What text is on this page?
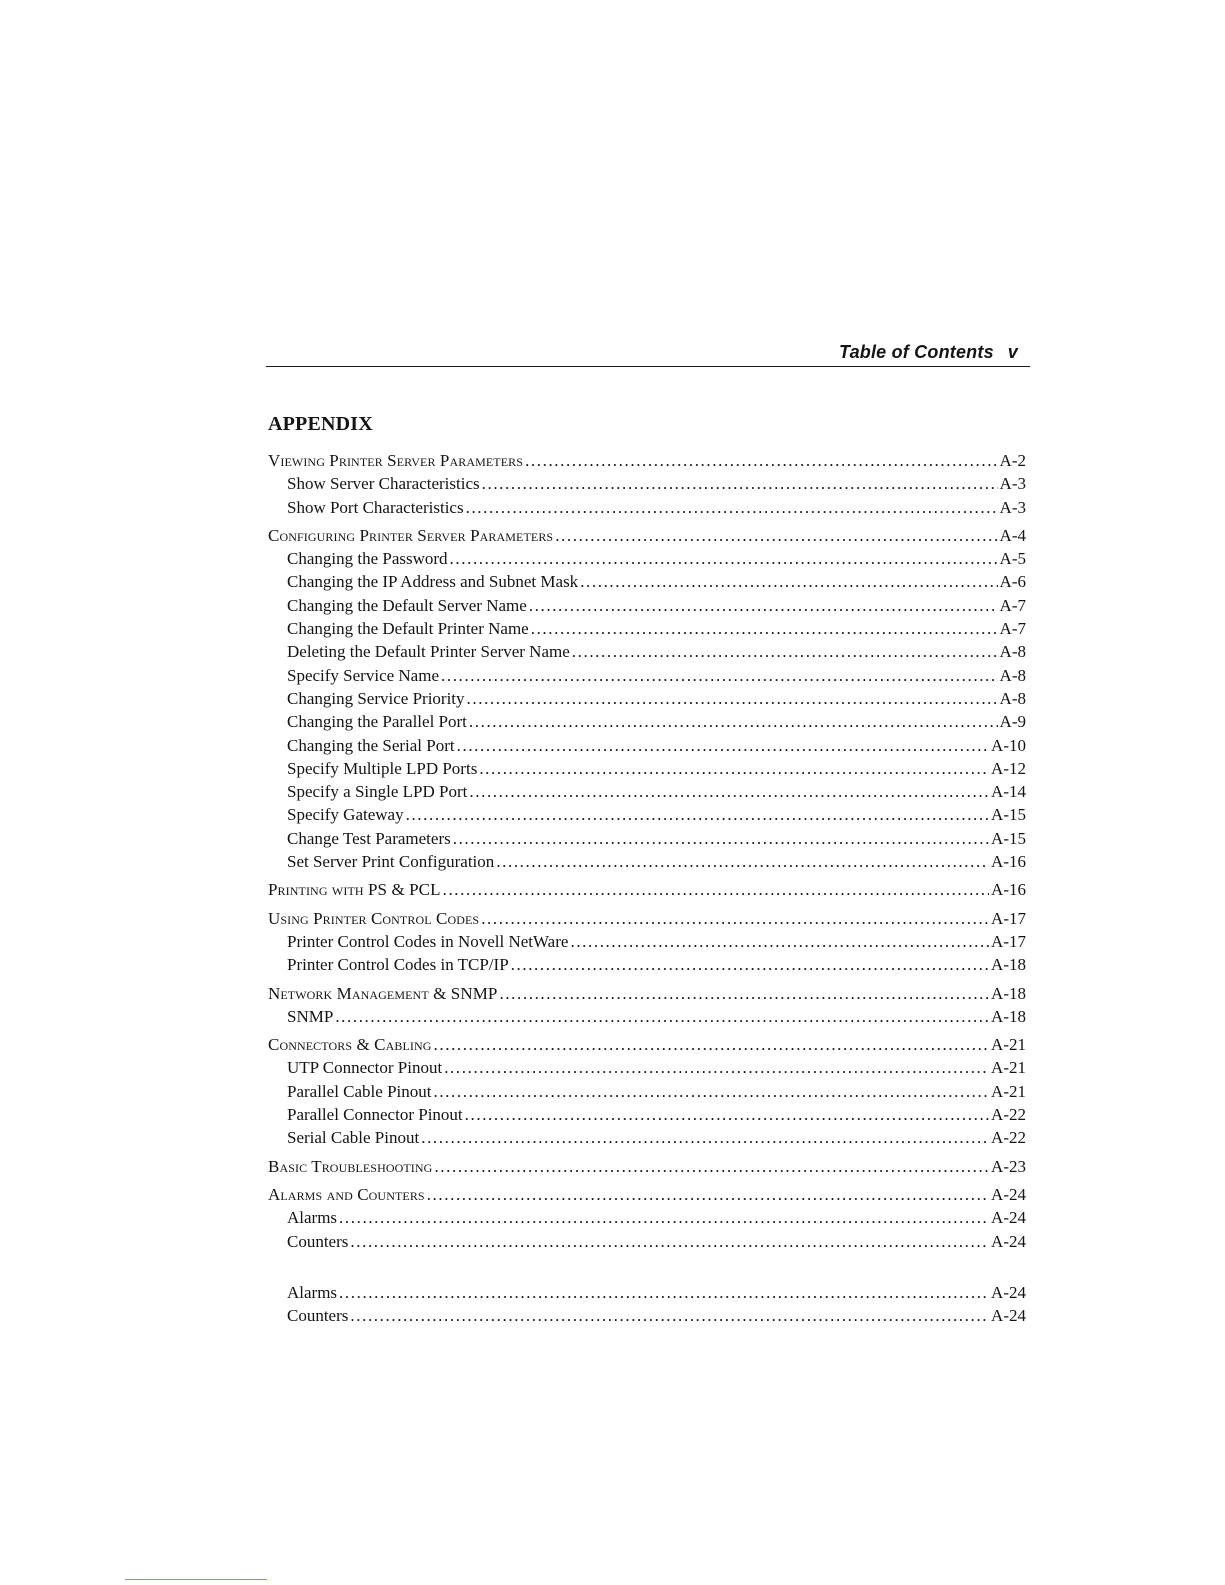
Table of Contents v
APPENDIX
Viewing Printer Server Parameters .....	A-2
Show Server Characteristics .....	A-3
Show Port Characteristics .....	A-3
Configuring Printer Server Parameters .....	A-4
Changing the Password .....	A-5
Changing the IP Address and Subnet Mask .....	A-6
Changing the Default Server Name .....	A-7
Changing the Default Printer Name .....	A-7
Deleting the Default Printer Server Name .....	A-8
Specify Service Name .....	A-8
Changing Service Priority .....	A-8
Changing the Parallel Port .....	A-9
Changing the Serial Port .....	A-10
Specify Multiple LPD Ports .....	A-12
Specify a Single LPD Port .....	A-14
Specify Gateway .....	A-15
Change Test Parameters .....	A-15
Set Server Print Configuration .....	A-16
Printing with PS & PCL .....	A-16
Using Printer Control Codes .....	A-17
Printer Control Codes in Novell NetWare .....	A-17
Printer Control Codes in TCP/IP .....	A-18
Network Management & SNMP .....	A-18
SNMP .....	A-18
Connectors & Cabling .....	A-21
UTP Connector Pinout .....	A-21
Parallel Cable Pinout .....	A-21
Parallel Connector Pinout .....	A-22
Serial Cable Pinout .....	A-22
Basic Troubleshooting .....	A-23
Alarms and Counters .....	A-24
Alarms .....	A-24
Counters .....	A-24
Alarms .....	A-24
Counters .....	A-24
